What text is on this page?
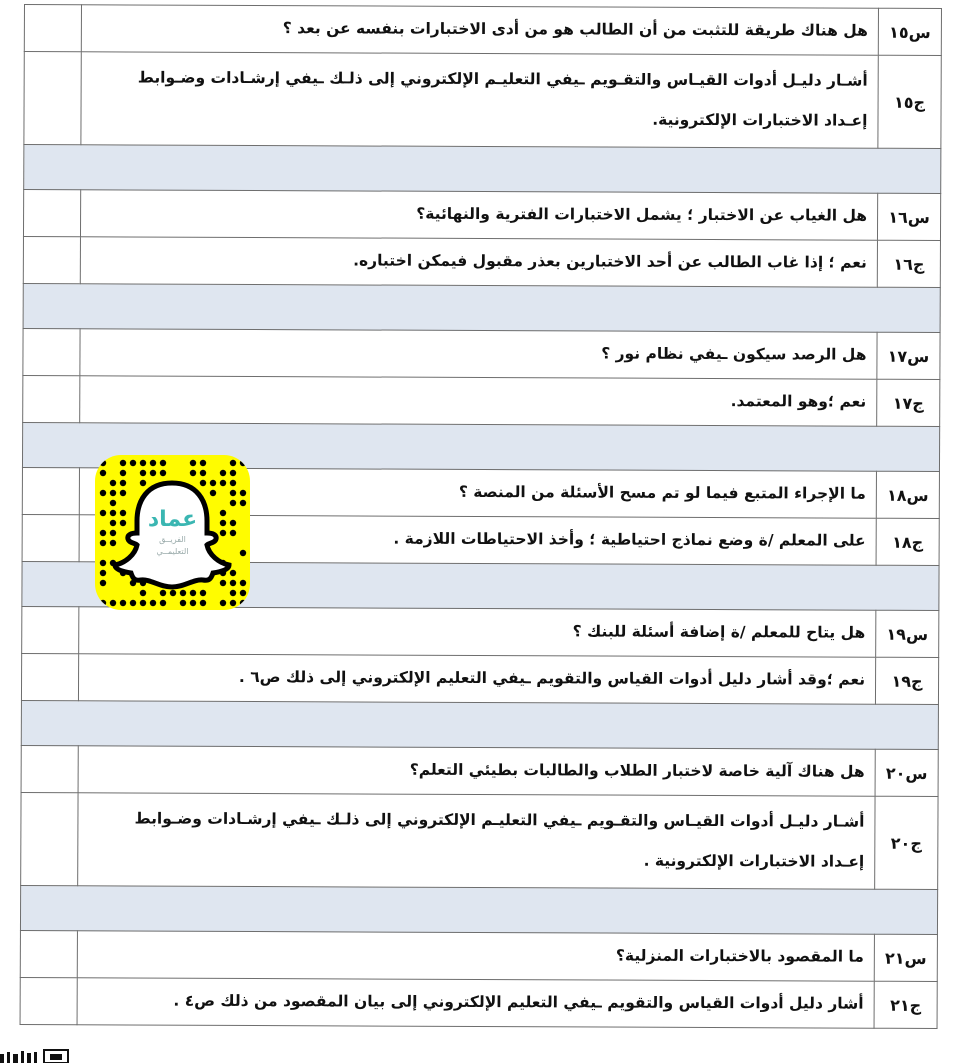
س١٥	هل هناك طريقة للتثبت من أن الطالب هو من أدى الاختبارات بنفسه عن بعد ؟	
ج١٥	أشـار دليـل أدوات القيـاس والتقـويم ـيفي التعليـم الإلكتروني إلى ذلـك ـيفي إرشـادات وضـوابط إعـداد الاختبارات الإلكترونية.	

س١٦	هل الغياب عن الاختبار ؛ يشمل الاختبارات الفترية والنهائية؟	
ج١٦	نعم ؛ إذا غاب الطالب عن أحد الاختبارين بعذر مقبول فيمكن اختباره.	

س١٧	هل الرصد سيكون ـيفي نظام نور ؟	
ج١٧	نعم ؛وهو المعتمد.	

س١٨	ما الإجراء المتبع فيما لو تم مسح الأسئلة من المنصة ؟	
ج١٨	على المعلم /ة وضع نماذج احتياطية ؛ وأخذ الاحتياطات اللازمة .	

س١٩	هل يتاح للمعلم /ة إضافة أسئلة للبنك ؟	
ج١٩	نعم ؛وقد أشار دليل أدوات القياس والتقويم ـيفي التعليم الإلكتروني إلى ذلك ص٦ .	

س٢٠	هل هناك آلية خاصة لاختبار الطلاب والطالبات بطيئي التعلم؟	
ج٢٠	أشـار دليـل أدوات القيـاس والتقـويم ـيفي التعليـم الإلكتروني إلى ذلـك ـيفي إرشـادات وضـوابط إعـداد الاختبارات الإلكترونية .	

س٢١	ما المقصود بالاختبارات المنزلية؟	
ج٢١	أشار دليل أدوات القياس والتقويم ـيفي التعليم الإلكتروني إلى بيان المقصود من ذلك ص٤ .	
عماد
الفريــق
التعليمــي
